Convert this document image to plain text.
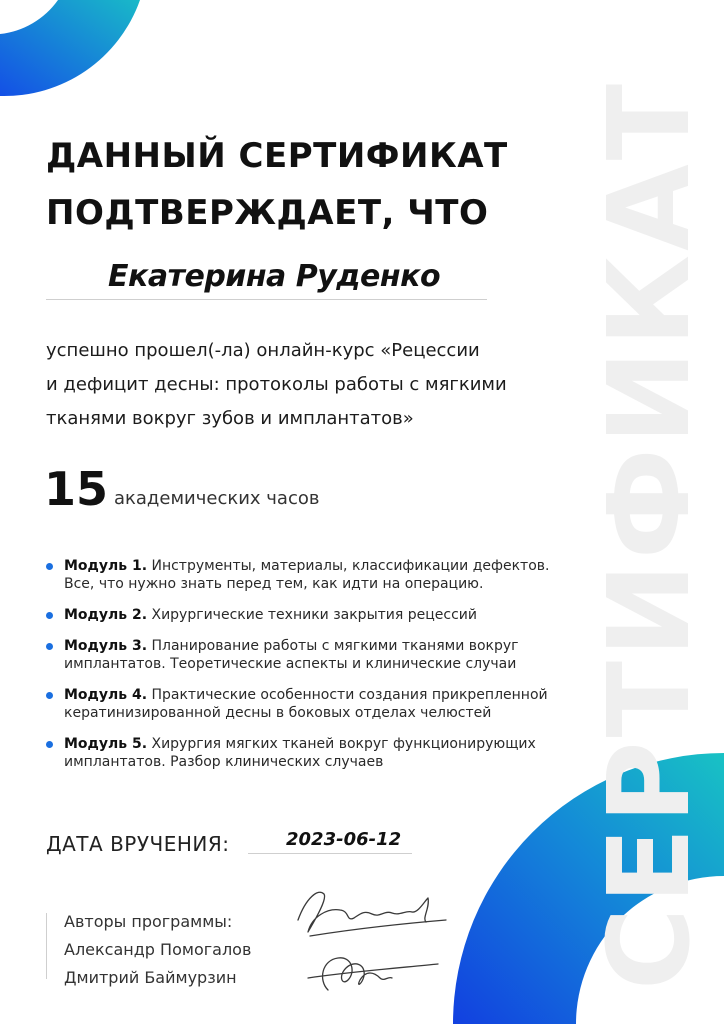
СЕРТИФИКАТ
ДАННЫЙ СЕРТИФИКАТ
ПОДТВЕРЖДАЕТ, ЧТО
Екатерина Руденко

успешно прошел(-ла) онлайн-курс «Рецессии
и дефицит десны: протоколы работы с мягкими
тканями вокруг зубов и имплантатов»

15 академических часов
Модуль 1. Инструменты, материалы, классификации дефектов.
Все, что нужно знать перед тем, как идти на операцию.
Модуль 2. Хирургические техники закрытия рецессий
Модуль 3. Планирование работы с мягкими тканями вокруг
имплантатов. Теоретические аспекты и клинические случаи
Модуль 4. Практические особенности создания прикрепленной
кератинизированной десны в боковых отделах челюстей
Модуль 5. Хирургия мягких тканей вокруг функционирующих
имплантатов. Разбор клинических случаев
ДАТА ВРУЧЕНИЯ:	2023-06-12
Авторы программы:
Александр Помогалов
Дмитрий Баймурзин
